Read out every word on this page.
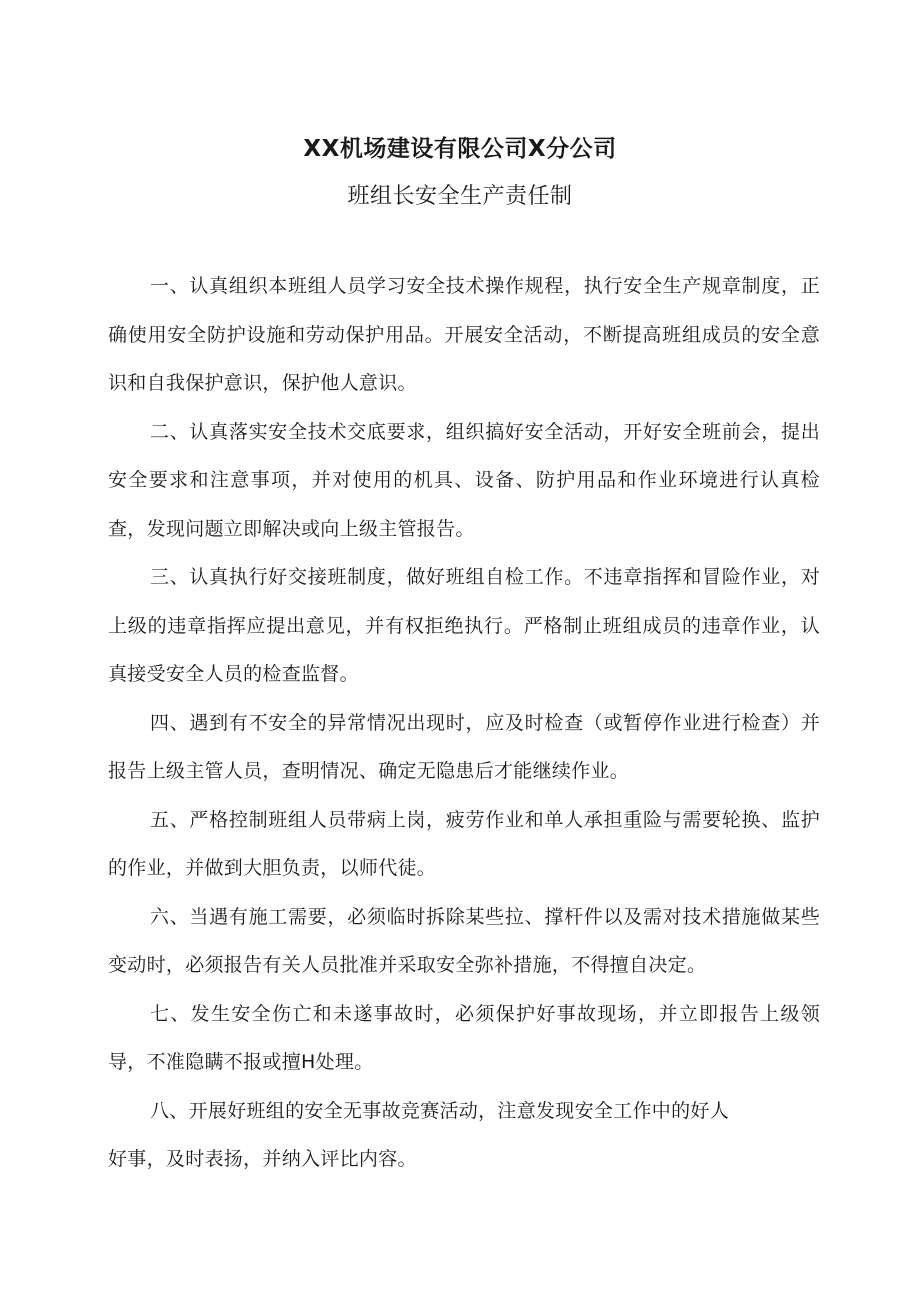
XX机场建设有限公司X分公司
班组长安全生产责任制

一、认真组织本班组人员学习安全技术操作规程，执行安全生产规章制度，正确使用安全防护设施和劳动保护用品。开展安全活动，不断提高班组成员的安全意识和自我保护意识，保护他人意识。

二、认真落实安全技术交底要求，组织搞好安全活动，开好安全班前会，提出安全要求和注意事项，并对使用的机具、设备、防护用品和作业环境进行认真检查，发现问题立即解决或向上级主管报告。

三、认真执行好交接班制度，做好班组自检工作。不违章指挥和冒险作业，对上级的违章指挥应提出意见，并有权拒绝执行。严格制止班组成员的违章作业，认真接受安全人员的检查监督。

四、遇到有不安全的异常情况出现时，应及时检查（或暂停作业进行检查）并报告上级主管人员，查明情况、确定无隐患后才能继续作业。

五、严格控制班组人员带病上岗，疲劳作业和单人承担重险与需要轮换、监护的作业，并做到大胆负责，以师代徒。

六、当遇有施工需要，必须临时拆除某些拉、撑杆件以及需对技术措施做某些变动时，必须报告有关人员批准并采取安全弥补措施，不得擅自决定。

七、发生安全伤亡和未遂事故时，必须保护好事故现场，并立即报告上级领导，不准隐瞒不报或擅H处理。

八、开展好班组的安全无事故竞赛活动，注意发现安全工作中的好人

好事，及时表扬，并纳入评比内容。
